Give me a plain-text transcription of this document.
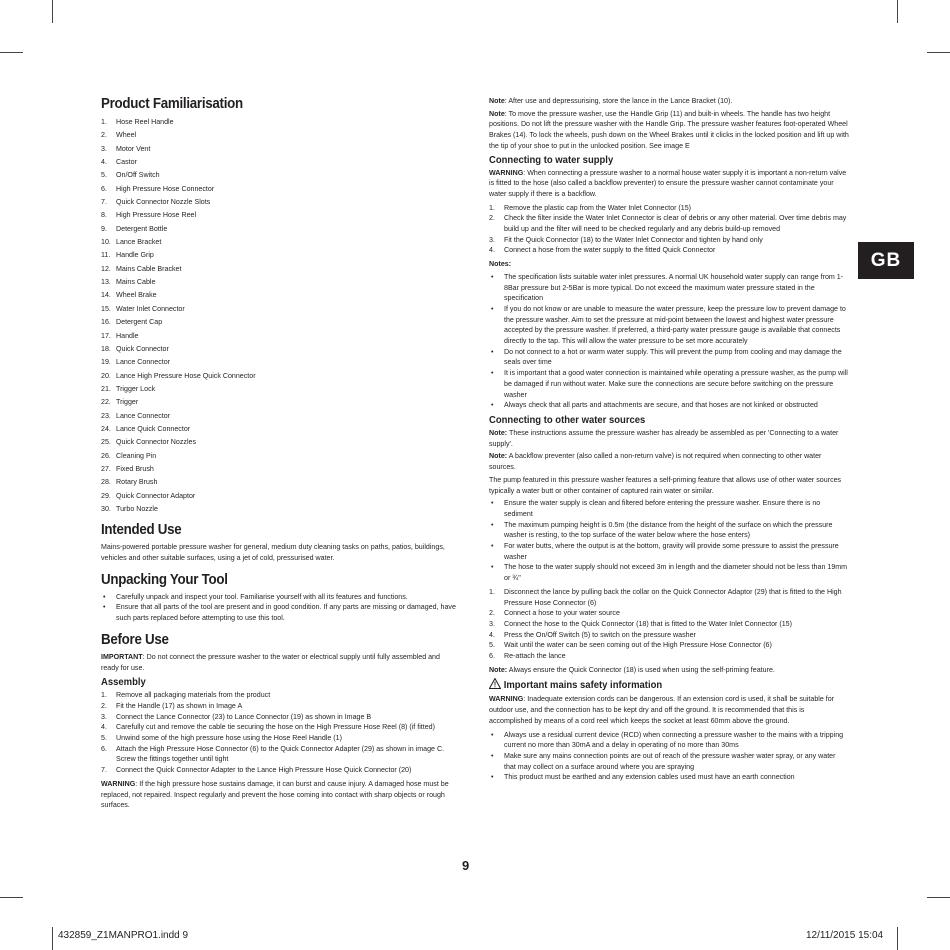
Product Familiarisation
1. Hose Reel Handle
2. Wheel
3. Motor Vent
4. Castor
5. On/Off Switch
6. High Pressure Hose Connector
7. Quick Connector Nozzle Slots
8. High Pressure Hose Reel
9. Detergent Bottle
10. Lance Bracket
11. Handle Grip
12. Mains Cable Bracket
13. Mains Cable
14. Wheel Brake
15. Water Inlet Connector
16. Detergent Cap
17. Handle
18. Quick Connector
19. Lance Connector
20. Lance High Pressure Hose Quick Connector
21. Trigger Lock
22. Trigger
23. Lance Connector
24. Lance Quick Connector
25. Quick Connector Nozzles
26. Cleaning Pin
27. Fixed Brush
28. Rotary Brush
29. Quick Connector Adaptor
30. Turbo Nozzle
Intended Use
Mains-powered portable pressure washer for general, medium duty cleaning tasks on paths, patios, buildings, vehicles and other suitable surfaces, using a jet of cold, pressurised water.
Unpacking Your Tool
• Carefully unpack and inspect your tool. Familiarise yourself with all its features and functions.
• Ensure that all parts of the tool are present and in good condition. If any parts are missing or damaged, have such parts replaced before attempting to use this tool.
Before Use
IMPORTANT: Do not connect the pressure washer to the water or electrical supply until fully assembled and ready for use.
Assembly
1. Remove all packaging materials from the product
2. Fit the Handle (17) as shown in Image A
3. Connect the Lance Connector (23) to Lance Connector (19) as shown in Image B
4. Carefully cut and remove the cable tie securing the hose on the High Pressure Hose Reel (8) (if fitted)
5. Unwind some of the high pressure hose using the Hose Reel Handle (1)
6. Attach the High Pressure Hose Connector (6) to the Quick Connector Adapter (29) as shown in image C. Screw the fittings together until tight
7. Connect the Quick Connector Adapter to the Lance High Pressure Hose Quick Connector (20)
WARNING: If the high pressure hose sustains damage, it can burst and cause injury. A damaged hose must be replaced, not repaired. Inspect regularly and prevent the hose coming into contact with sharp objects or rough surfaces.
Note: After use and depressurising, store the lance in the Lance Bracket (10).
Note: To move the pressure washer, use the Handle Grip (11) and built-in wheels. The handle has two height positions. Do not lift the pressure washer with the Handle Grip. The pressure washer features foot-operated Wheel Brakes (14). To lock the wheels, push down on the Wheel Brakes until it clicks in the locked position and lift up with the tip of your shoe to put in the unlocked position. See image E
Connecting to water supply
WARNING: When connecting a pressure washer to a normal house water supply it is important a non-return valve is fitted to the hose (also called a backflow preventer) to ensure the pressure washer cannot contaminate your water supply if there is a backflow.
1. Remove the plastic cap from the Water Inlet Connector (15)
2. Check the filter inside the Water Inlet Connector is clear of debris or any other material. Over time debris may build up and the filter will need to be checked regularly and any debris build-up removed
3. Fit the Quick Connector (18) to the Water Inlet Connector and tighten by hand only
4. Connect a hose from the water supply to the fitted Quick Connector
Notes:
• The specification lists suitable water inlet pressures. A normal UK household water supply can range from 1-8Bar pressure but 2-5Bar is more typical. Do not exceed the maximum water pressure stated in the specification
• If you do not know or are unable to measure the water pressure, keep the pressure low to prevent damage to the pressure washer. Aim to set the pressure at mid-point between the lowest and highest water pressure accepted by the pressure washer. If preferred, a third-party water pressure gauge is available that connects directly to the tap. This will allow the water pressure to be set more accurately
• Do not connect to a hot or warm water supply. This will prevent the pump from cooling and may damage the seals over time
• It is important that a good water connection is maintained while operating a pressure washer, as the pump will be damaged if run without water. Make sure the connections are secure before switching on the pressure washer
• Always check that all parts and attachments are secure, and that hoses are not kinked or obstructed
Connecting to other water sources
Note: These instructions assume the pressure washer has already be assembled as per 'Connecting to a water supply'.
Note: A backflow preventer (also called a non-return valve) is not required when connecting to other water sources.
The pump featured in this pressure washer features a self-priming feature that allows use of other water sources typically a water butt or other container of captured rain water or similar.
• Ensure the water supply is clean and filtered before entering the pressure washer. Ensure there is no sediment
• The maximum pumping height is 0.5m (the distance from the height of the surface on which the pressure washer is resting, to the top surface of the water below where the hose enters)
• For water butts, where the output is at the bottom, gravity will provide some pressure to assist the pressure washer
• The hose to the water supply should not exceed 3m in length and the diameter should not be less than 19mm or ¾"
1. Disconnect the lance by pulling back the collar on the Quick Connector Adaptor (29) that is fitted to the High Pressure Hose Connector (6)
2. Connect a hose to your water source
3. Connect the hose to the Quick Connector (18) that is fitted to the Water Inlet Connector (15)
4. Press the On/Off Switch (5) to switch on the pressure washer
5. Wait until the water can be seen coming out of the High Pressure Hose Connector (6)
6. Re-attach the lance
Note: Always ensure the Quick Connector (18) is used when using the self-priming feature.
Important mains safety information
WARNING: Inadequate extension cords can be dangerous. If an extension cord is used, it shall be suitable for outdoor use, and the connection has to be kept dry and off the ground. It is recommended that this is accomplished by means of a cord reel which keeps the socket at least 60mm above the ground.
• Always use a residual current device (RCD) when connecting a pressure washer to the mains with a tripping current no more than 30mA and a delay in operating of no more than 30ms
• Make sure any mains connection points are out of reach of the pressure washer water spray, or any water that may collect on a surface around where you are spraying
• This product must be earthed and any extension cables used must have an earth connection
GB
9
432859_Z1MANPRO1.indd 9	12/11/2015 15:04
